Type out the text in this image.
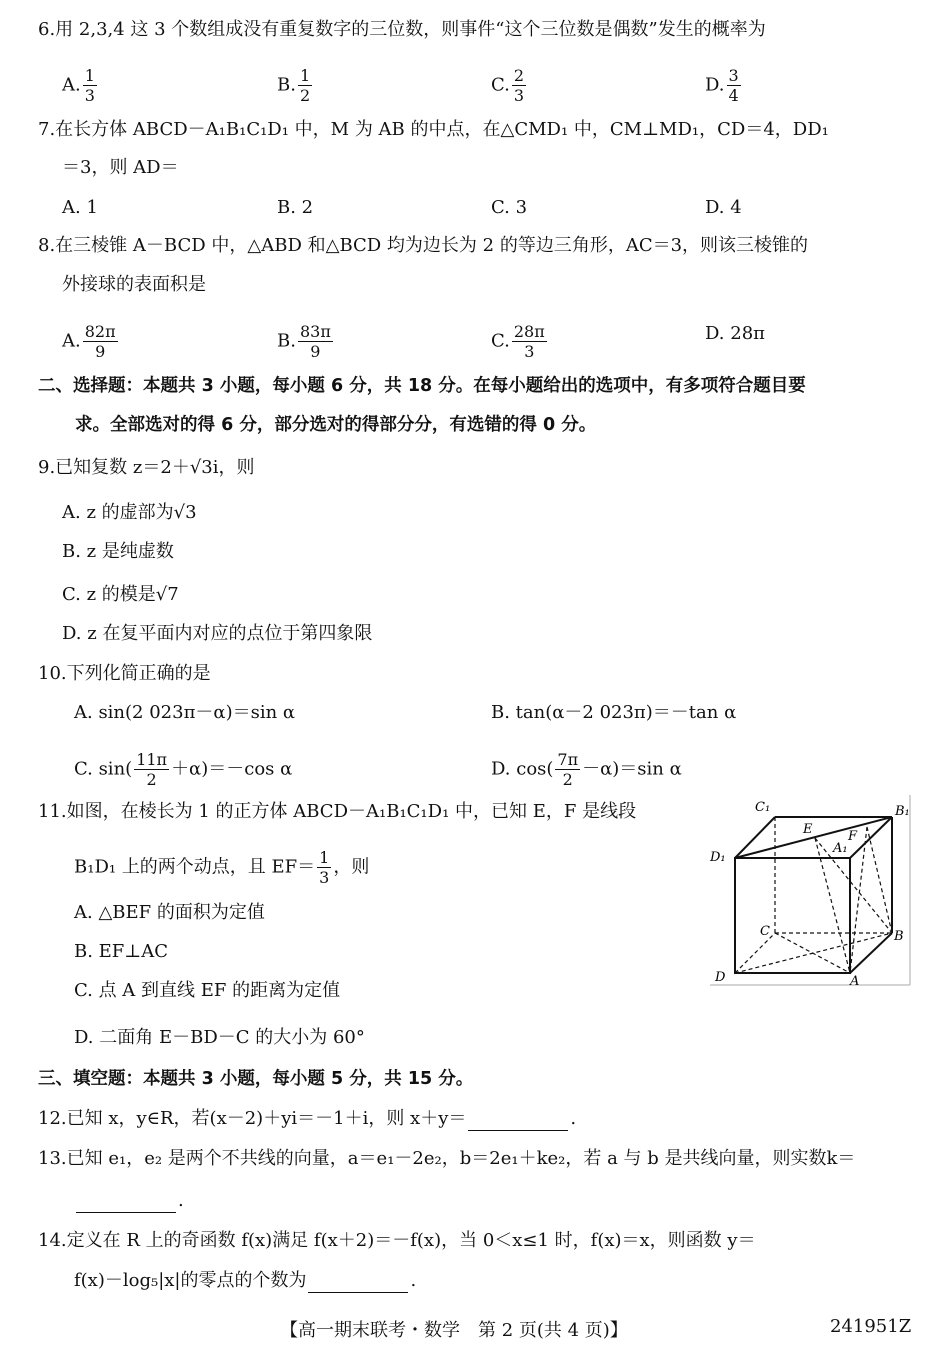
6.用 2,3,4 这 3 个数组成没有重复数字的三位数，则事件“这个三位数是偶数”发生的概率为
A. $\frac{1}{3}$	B. $\frac{1}{2}$	C. $\frac{2}{3}$	D. $\frac{3}{4}$
7.在长方体 ABCD－A₁B₁C₁D₁ 中，M 为 AB 的中点，在△CMD₁ 中，CM⊥MD₁，CD＝4，DD₁
＝3，则 AD＝
A. 1	B. 2	C. 3	D. 4
8.在三棱锥 A－BCD 中，△ABD 和△BCD 均为边长为 2 的等边三角形，AC＝3，则该三棱锥的
外接球的表面积是
A. $\frac{82\pi}{9}$	B. $\frac{83\pi}{9}$	C. $\frac{28\pi}{3}$	D. 28π
二、选择题：本题共 3 小题，每小题 6 分，共 18 分。在每小题给出的选项中，有多项符合题目要
求。全部选对的得 6 分，部分选对的得部分分，有选错的得 0 分。
9.已知复数 z＝2＋√3i，则
A. z 的虚部为√3
B. z 是纯虚数
C. z 的模是√7
D. z 在复平面内对应的点位于第四象限
10.下列化简正确的是
A. sin(2 023π－α)＝sin α	B. tan(α－2 023π)＝－tan α
C. $\sin( \frac{11\pi}{2} +\alpha)=-\cos$ α	D. $\cos( \frac{7\pi}{2} -\alpha)=\sin$ α
11.如图，在棱长为 1 的正方体 ABCD－A₁B₁C₁D₁ 中，已知 E，F 是线段
B₁D₁ 上的两个动点，且 $EF= \frac{1}{3}$ ，则
A. △BEF 的面积为定值
B. EF⊥AC
C. 点 A 到直线 EF 的距离为定值
D. 二面角 E－BD－C 的大小为 60°
C₁	B₁
E	F
A₁
D₁
C	B
D	A
三、填空题：本题共 3 小题，每小题 5 分，共 15 分。
12.已知 x，y∈R，若(x－2)＋yi＝－1＋i，则 x＋y＝	.
13.已知 e₁，e₂ 是两个不共线的向量，a＝e₁－2e₂，b＝2e₁＋ke₂，若 a 与 b 是共线向量，则实数k＝
.
14.定义在 R 上的奇函数 f(x)满足 f(x＋2)＝－f(x)，当 0＜x≤1 时，f(x)＝x，则函数 y＝
f(x)－log₅|x|的零点的个数为	.
【高一期末联考・数学　第 2 页(共 4 页)】	241951Z
